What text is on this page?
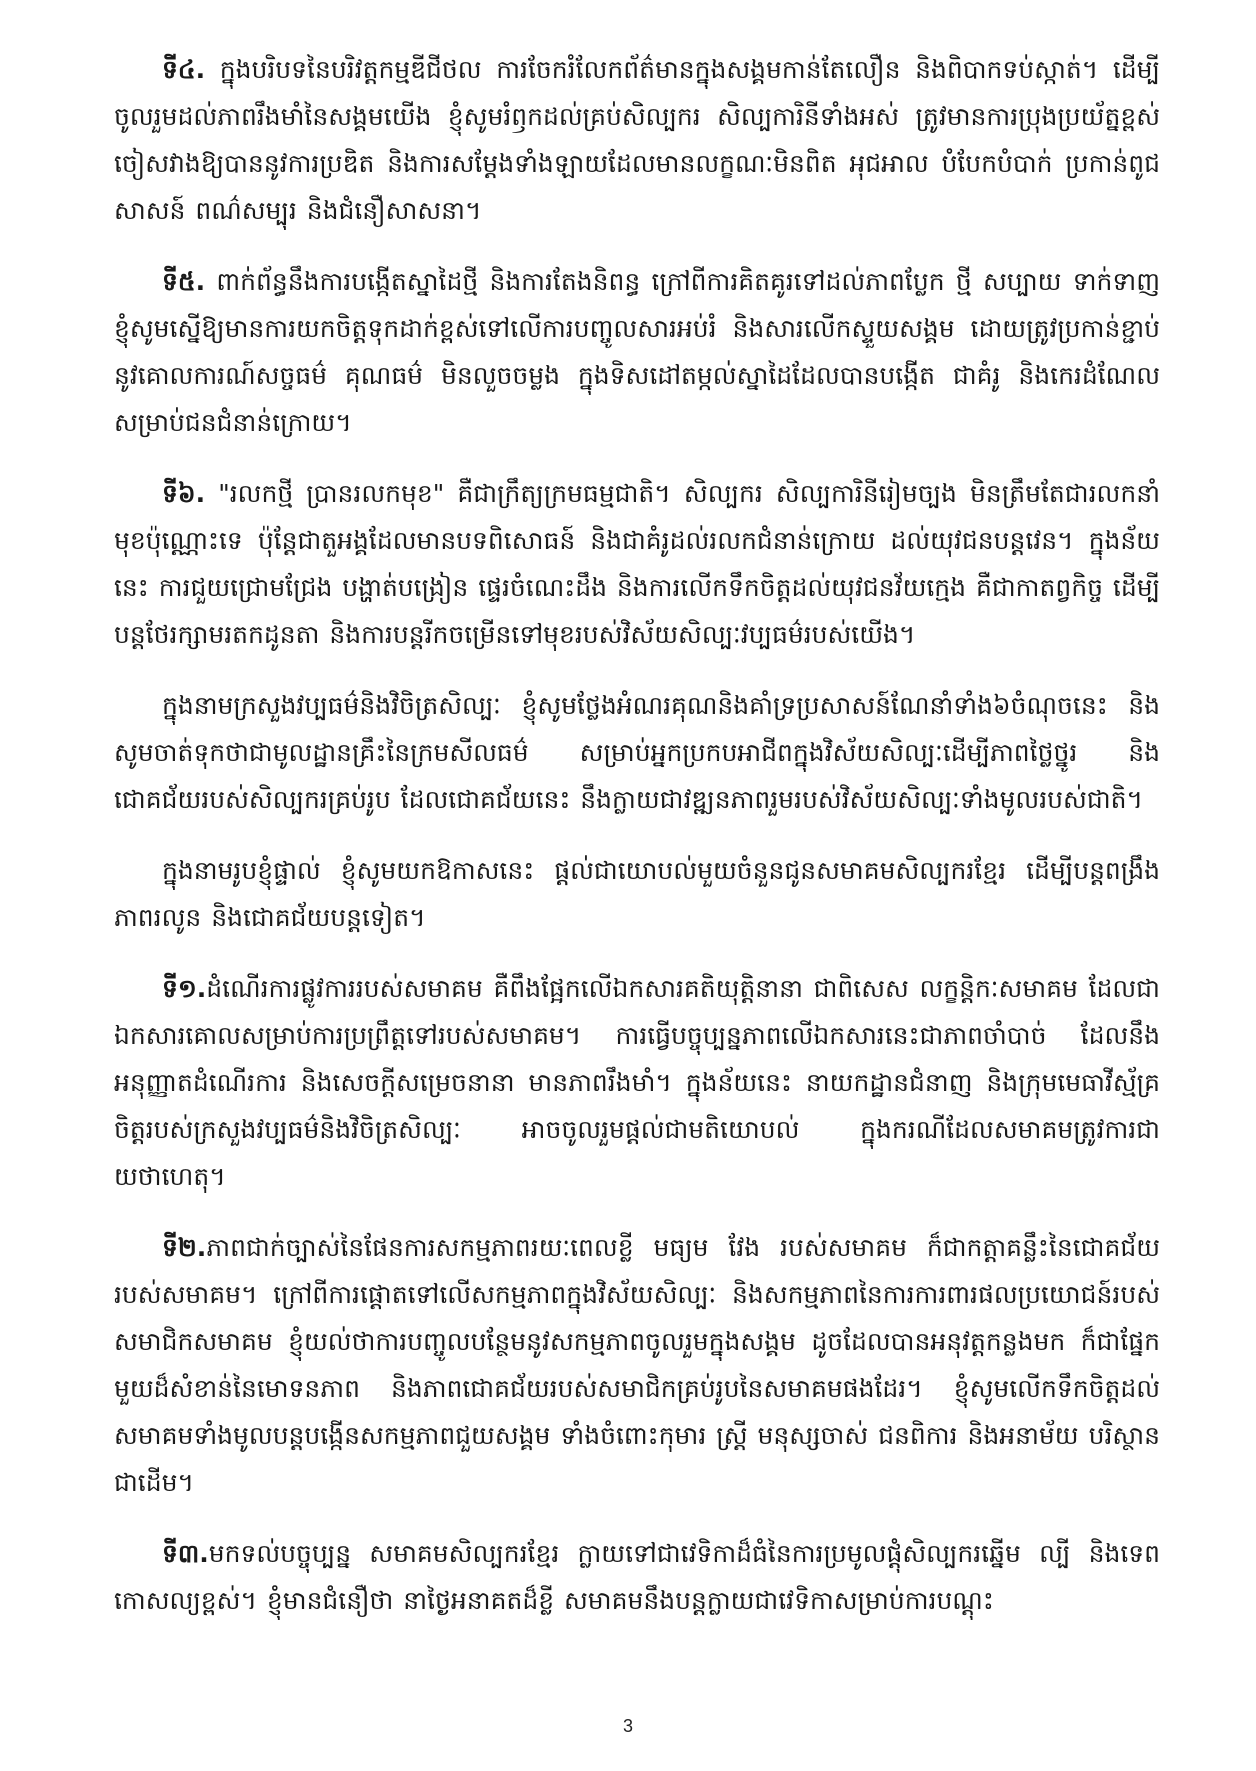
ទី៤. ក្នុងបរិបទនៃបរិវត្តកម្មឌីជីថល ការចែករំលែកព័ត៌មានក្នុងសង្គមកាន់តែលឿន និងពិបាកទប់ស្កាត់។ ដើម្បីចូលរួមដល់ភាពរឹងមាំនៃសង្គមយើង ខ្ញុំសូមរំឭកដល់គ្រប់សិល្បករ សិល្បការិនីទាំងអស់ ត្រូវមានការប្រុងប្រយ័ត្នខ្ពស់ ចៀសវាងឱ្យបាននូវការប្រឌិត និងការសម្តែងទាំងឡាយដែលមានលក្ខណៈមិនពិត អុជអាល បំបែកបំបាក់ ប្រកាន់ពូជសាសន៍ ពណ៌សម្បុរ និងជំនឿសាសនា។

ទី៥. ពាក់ព័ន្ធនឹងការបង្កើតស្នាដៃថ្មី និងការតែងនិពន្ធ ក្រៅពីការគិតគូរទៅដល់ភាពប្លែក ថ្មី សប្បាយ ទាក់ទាញ ខ្ញុំសូមស្នើឱ្យមានការយកចិត្តទុកដាក់ខ្ពស់ទៅលើការបញ្ចូលសារអប់រំ និងសារលើកស្ទួយសង្គម ដោយត្រូវប្រកាន់ខ្ជាប់នូវគោលការណ៍សច្ចធម៌ គុណធម៌ មិនលួចចម្លង ក្នុងទិសដៅតម្កល់ស្នាដៃដែលបានបង្កើត ជាគំរូ និងកេរដំណែលសម្រាប់ជនជំនាន់ក្រោយ។

ទី៦. "រលកថ្មី ប្រានរលកមុខ" គឺជាក្រឹត្យក្រមធម្មជាតិ។ សិល្បករ សិល្បការិនីរៀមច្បង មិនត្រឹមតែជារលកនាំមុខប៉ុណ្ណោះទេ ប៉ុន្តែជាតួអង្គដែលមានបទពិសោធន៍ និងជាគំរូដល់រលកជំនាន់ក្រោយ ដល់យុវជនបន្តវេន។ ក្នុងន័យនេះ ការជួយជ្រោមជ្រែង បង្ហាត់បង្រៀន ផ្ទេរចំណេះដឹង និងការលើកទឹកចិត្តដល់យុវជនវ័យក្មេង គឺជាកាតព្វកិច្ច ដើម្បីបន្តថែរក្សាមរតកដូនតា និងការបន្តរីកចម្រើនទៅមុខរបស់វិស័យសិល្បៈវប្បធម៌របស់យើង។

ក្នុងនាមក្រសួងវប្បធម៌និងវិចិត្រសិល្បៈ ខ្ញុំសូមថ្លែងអំណរគុណនិងគាំទ្រប្រសាសន៍ណែនាំទាំង៦ចំណុចនេះ និងសូមចាត់ទុកថាជាមូលដ្ឋានគ្រឹះនៃក្រមសីលធម៌ សម្រាប់អ្នកប្រកបអាជីពក្នុងវិស័យសិល្បៈដើម្បីភាពថ្លៃថ្នូរ និងជោគជ័យរបស់សិល្បករគ្រប់រូប ដែលជោគជ័យនេះ នឹងក្លាយជាវឌ្ឍនភាពរួមរបស់វិស័យសិល្បៈទាំងមូលរបស់ជាតិ។

ក្នុងនាមរូបខ្ញុំផ្ទាល់ ខ្ញុំសូមយកឱកាសនេះ ផ្តល់ជាយោបល់មួយចំនួនជូនសមាគមសិល្បករខ្មែរ ដើម្បីបន្តពង្រឹងភាពរលូន និងជោគជ័យបន្តទៀត។

ទី១.ដំណើរការផ្លូវការរបស់សមាគម គឺពឹងផ្អែកលើឯកសារគតិយុត្តិនានា ជាពិសេស លក្ខន្តិកៈសមាគម ដែលជាឯកសារគោលសម្រាប់ការប្រព្រឹត្តទៅរបស់សមាគម។ ការធ្វើបច្ចុប្បន្នភាពលើឯកសារនេះជាភាពចាំបាច់ ដែលនឹងអនុញ្ញាតដំណើរការ និងសេចក្តីសម្រេចនានា មានភាពរឹងមាំ។ ក្នុងន័យនេះ នាយកដ្ឋានជំនាញ និងក្រុមមេធាវីស្ម័គ្រចិត្តរបស់ក្រសួងវប្បធម៌និងវិចិត្រសិល្បៈ អាចចូលរួមផ្តល់ជាមតិយោបល់ ក្នុងករណីដែលសមាគមត្រូវការជាយថាហេតុ។

ទី២.ភាពជាក់ច្បាស់នៃផែនការសកម្មភាពរយៈពេលខ្លី មធ្យម វែង របស់សមាគម ក៏ជាកត្តាគន្លឹះនៃជោគជ័យរបស់សមាគម។ ក្រៅពីការផ្តោតទៅលើសកម្មភាពក្នុងវិស័យសិល្បៈ និងសកម្មភាពនៃការការពារផលប្រយោជន៍របស់សមាជិកសមាគម ខ្ញុំយល់ថាការបញ្ចូលបន្ថែមនូវសកម្មភាពចូលរួមក្នុងសង្គម ដូចដែលបានអនុវត្តកន្លងមក ក៏ជាផ្នែកមួយដ៏សំខាន់នៃមោទនភាព និងភាពជោគជ័យរបស់សមាជិកគ្រប់រូបនៃសមាគមផងដែរ។ ខ្ញុំសូមលើកទឹកចិត្តដល់សមាគមទាំងមូលបន្តបង្កើនសកម្មភាពជួយសង្គម ទាំងចំពោះកុមារ ស្ត្រី មនុស្សចាស់ ជនពិការ និងអនាម័យ បរិស្ថានជាដើម។

ទី៣.មកទល់បច្ចុប្បន្ន សមាគមសិល្បករខ្មែរ ក្លាយទៅជាវេទិកាដ៏ធំនៃការប្រមូលផ្តុំសិល្បករឆ្នើម ល្បី និងទេពកោសល្យខ្ពស់។ ខ្ញុំមានជំនឿថា នាថ្ងៃអនាគតដ៏ខ្លី សមាគមនឹងបន្តក្លាយជាវេទិកាសម្រាប់ការបណ្តុះ

3
